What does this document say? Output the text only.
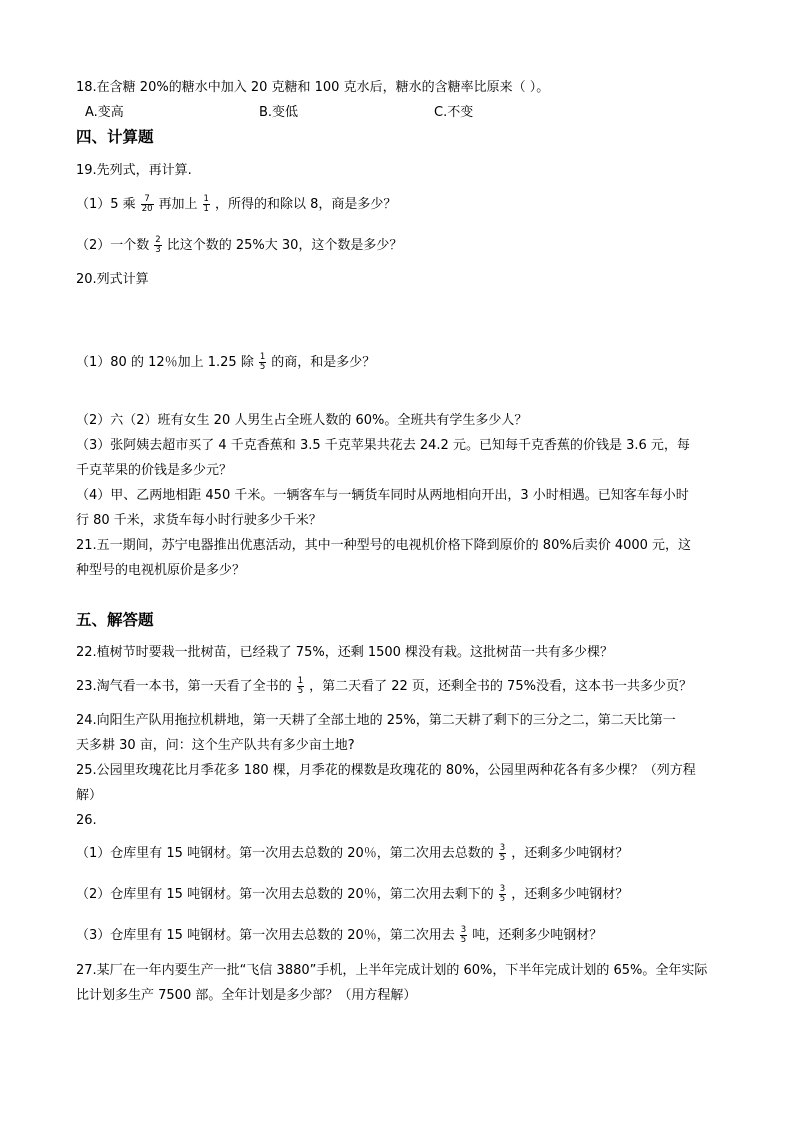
18.在含糖 20%的糖水中加入 20 克糖和 100 克水后，糖水的含糖率比原来（ ）。
A.变高	B.变低	C.不变
四、计算题
19.先列式，再计算.
（1）5 乘 $\frac{7}{20}$ 再加上 $\frac{1}{1}$ ，所得的和除以 8，商是多少？
（2）一个数 $\frac{2}{3}$ 比这个数的 25%大 30，这个数是多少？
20.列式计算
（1）80 的 12％加上 1.25 除 $\frac{1}{5}$ 的商，和是多少？
（2）六（2）班有女生 20 人男生占全班人数的 60%。全班共有学生多少人？
（3）张阿姨去超市买了 4 千克香蕉和 3.5 千克苹果共花去 24.2 元。已知每千克香蕉的价钱是 3.6 元，每
千克苹果的价钱是多少元？
（4）甲、乙两地相距 450 千米。一辆客车与一辆货车同时从两地相向开出，3 小时相遇。已知客车每小时
行 80 千米，求货车每小时行驶多少千米？
21.五一期间，苏宁电器推出优惠活动，其中一种型号的电视机价格下降到原价的 80%后卖价 4000 元，这
种型号的电视机原价是多少？
五、解答题
22.植树节时要栽一批树苗，已经栽了 75%，还剩 1500 棵没有栽。这批树苗一共有多少棵？
23.淘气看一本书，第一天看了全书的 $\frac{1}{5}$ ，第二天看了 22 页，还剩全书的 75%没看，这本书一共多少页？
24.向阳生产队用拖拉机耕地，第一天耕了全部土地的 25%，第二天耕了剩下的三分之二，第二天比第一
天多耕 30 亩，问：这个生产队共有多少亩土地?
25.公园里玫瑰花比月季花多 180 棵，月季花的棵数是玫瑰花的 80%，公园里两种花各有多少棵？（列方程
解）
26.
（1）仓库里有 15 吨钢材。第一次用去总数的 20％，第二次用去总数的 $\frac{3}{5}$ ，还剩多少吨钢材？
（2）仓库里有 15 吨钢材。第一次用去总数的 20％，第二次用去剩下的 $\frac{3}{5}$ ，还剩多少吨钢材？
（3）仓库里有 15 吨钢材。第一次用去总数的 20％，第二次用去 $\frac{3}{5}$ 吨，还剩多少吨钢材？
27.某厂在一年内要生产一批“飞信 3880”手机，上半年完成计划的 60%，下半年完成计划的 65%。全年实际
比计划多生产 7500 部。全年计划是多少部？（用方程解）
